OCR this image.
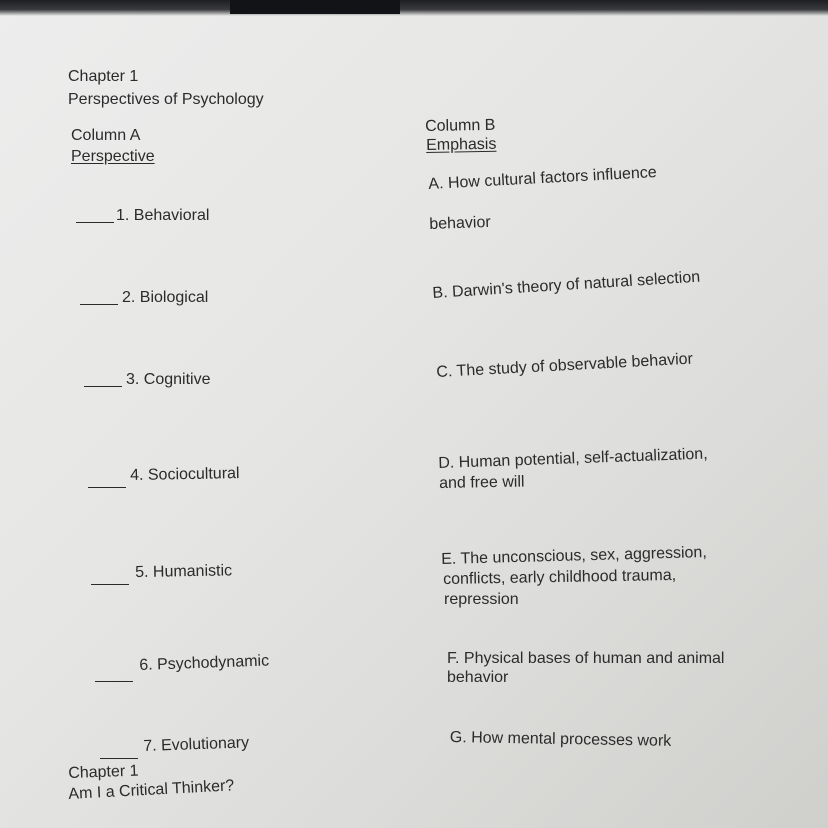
Chapter 1
Perspectives of Psychology
Column A
Perspective
Column B
Emphasis
1. Behavioral
2. Biological
3. Cognitive
4. Sociocultural
5. Humanistic
6. Psychodynamic
7. Evolutionary
A. How cultural factors influence
behavior
B. Darwin's theory of natural selection
C. The study of observable behavior
D. Human potential, self-actualization,
and free will
E. The unconscious, sex, aggression,
conflicts, early childhood trauma,
repression
F. Physical bases of human and animal
behavior
G. How mental processes work
Chapter 1
Am I a Critical Thinker?
